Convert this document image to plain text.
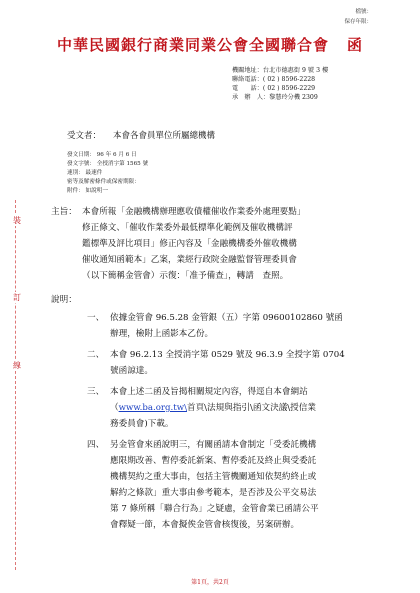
檔號：
保存年限：
中華民國銀行商業同業公會全國聯合會 函
機關地址：台北市德惠街 9 號 3 樓
聯絡電話：( 02 ) 8596-2228
電　　話：( 02 ) 8596-2229
承　辦　人：黎慧玲分機 2309
受文者： 本會各會員單位所屬總機構
發文日期： 96 年 6 月 6 日
發文字號： 全授消字第 1565 號
速別： 最速件
密等及解密條件或保密期限：
附件： 如說明一
裝
訂
線
主旨： 本會所報「金融機構辦理應收債權催收作業委外處理要點」
修正條文、「催收作業委外最低標準化範例及催收機構評
鑑標準及評比項目」修正內容及「金融機構委外催收機構
催收通知函範本」乙案，業經行政院金融監督管理委員會
（以下簡稱金管會）示復：「准予備查」，轉請　查照。
說明：
一、 依據金管會 96.5.28 金管銀（五）字第 09600102860 號函
辦理，檢附上函影本乙份。
二、 本會 96.2.13 全授消字第 0529 號及 96.3.9 全授字第 0704
號函諒達。
三、 本會上述二函及旨揭相關規定內容，得逕自本會網站
（www.ba.org.tw\首頁\法規與指引\函文決議\授信業
務委員會)下載。
四、 另金管會來函說明三，有關函請本會制定「受委託機構
應限期改善、暫停委託新案、暫停委託及終止與受委託
機構契約之重大事由，包括主管機關通知依契約終止或
解約之條款」重大事由參考範本，是否涉及公平交易法
第 7 條所稱「聯合行為」之疑慮，金管會業已函請公平
會釋疑一節，本會擬俟金管會核復後，另案研辦。
第1頁，共2頁
